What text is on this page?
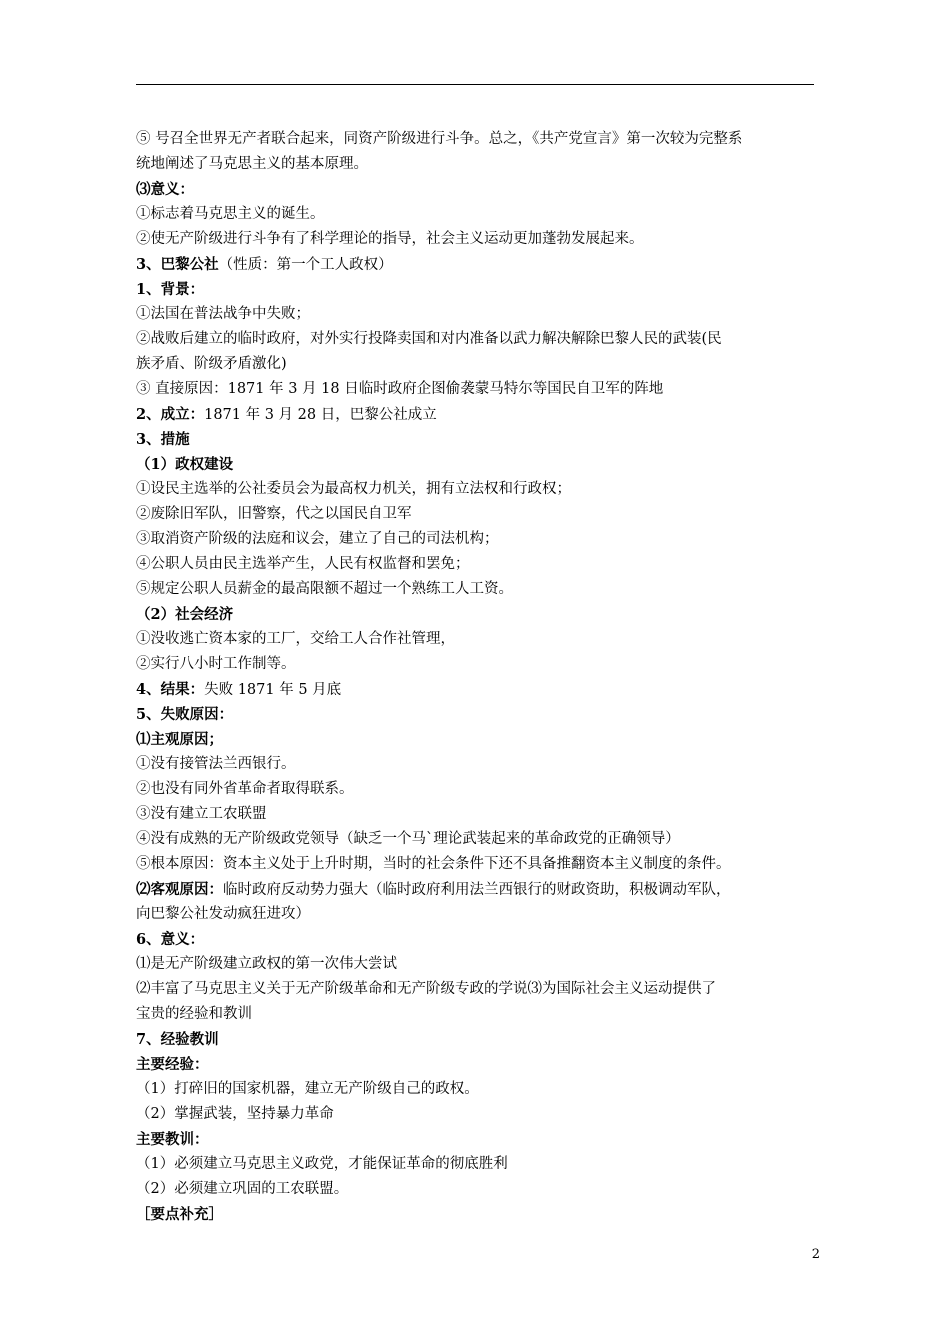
⑤ 号召全世界无产者联合起来，同资产阶级进行斗争。总之，《共产党宣言》第一次较为完整系
统地阐述了马克思主义的基本原理。
⑶意义：
①标志着马克思主义的诞生。
②使无产阶级进行斗争有了科学理论的指导，社会主义运动更加蓬勃发展起来。
3、巴黎公社（性质：第一个工人政权）
1、背景：
①法国在普法战争中失败；
②战败后建立的临时政府，对外实行投降卖国和对内准备以武力解决解除巴黎人民的武装(民
族矛盾、阶级矛盾激化)
③ 直接原因：1871 年 3 月 18 日临时政府企图偷袭蒙马特尔等国民自卫军的阵地
2、成立：1871 年 3 月 28 日，巴黎公社成立
3、措施
（1）政权建设
①设民主选举的公社委员会为最高权力机关，拥有立法权和行政权；
②废除旧军队，旧警察，代之以国民自卫军
③取消资产阶级的法庭和议会，建立了自己的司法机构；
④公职人员由民主选举产生，人民有权监督和罢免；
⑤规定公职人员薪金的最高限额不超过一个熟练工人工资。
（2）社会经济
①没收逃亡资本家的工厂，交给工人合作社管理，
②实行八小时工作制等。
4、结果：失败 1871 年 5 月底
5、失败原因：
⑴主观原因；
①没有接管法兰西银行。
②也没有同外省革命者取得联系。
③没有建立工农联盟
④没有成熟的无产阶级政党领导（缺乏一个马`理论武装起来的革命政党的正确领导）
⑤根本原因：资本主义处于上升时期，当时的社会条件下还不具备推翻资本主义制度的条件。
⑵客观原因：临时政府反动势力强大（临时政府利用法兰西银行的财政资助，积极调动军队，
向巴黎公社发动疯狂进攻）
6、意义：
⑴是无产阶级建立政权的第一次伟大尝试
⑵丰富了马克思主义关于无产阶级革命和无产阶级专政的学说⑶为国际社会主义运动提供了
宝贵的经验和教训
7、经验教训
主要经验：
（1）打碎旧的国家机器，建立无产阶级自己的政权。
（2）掌握武装，坚持暴力革命
主要教训：
（1）必须建立马克思主义政党，才能保证革命的彻底胜利
（2）必须建立巩固的工农联盟。
［要点补充］
2
